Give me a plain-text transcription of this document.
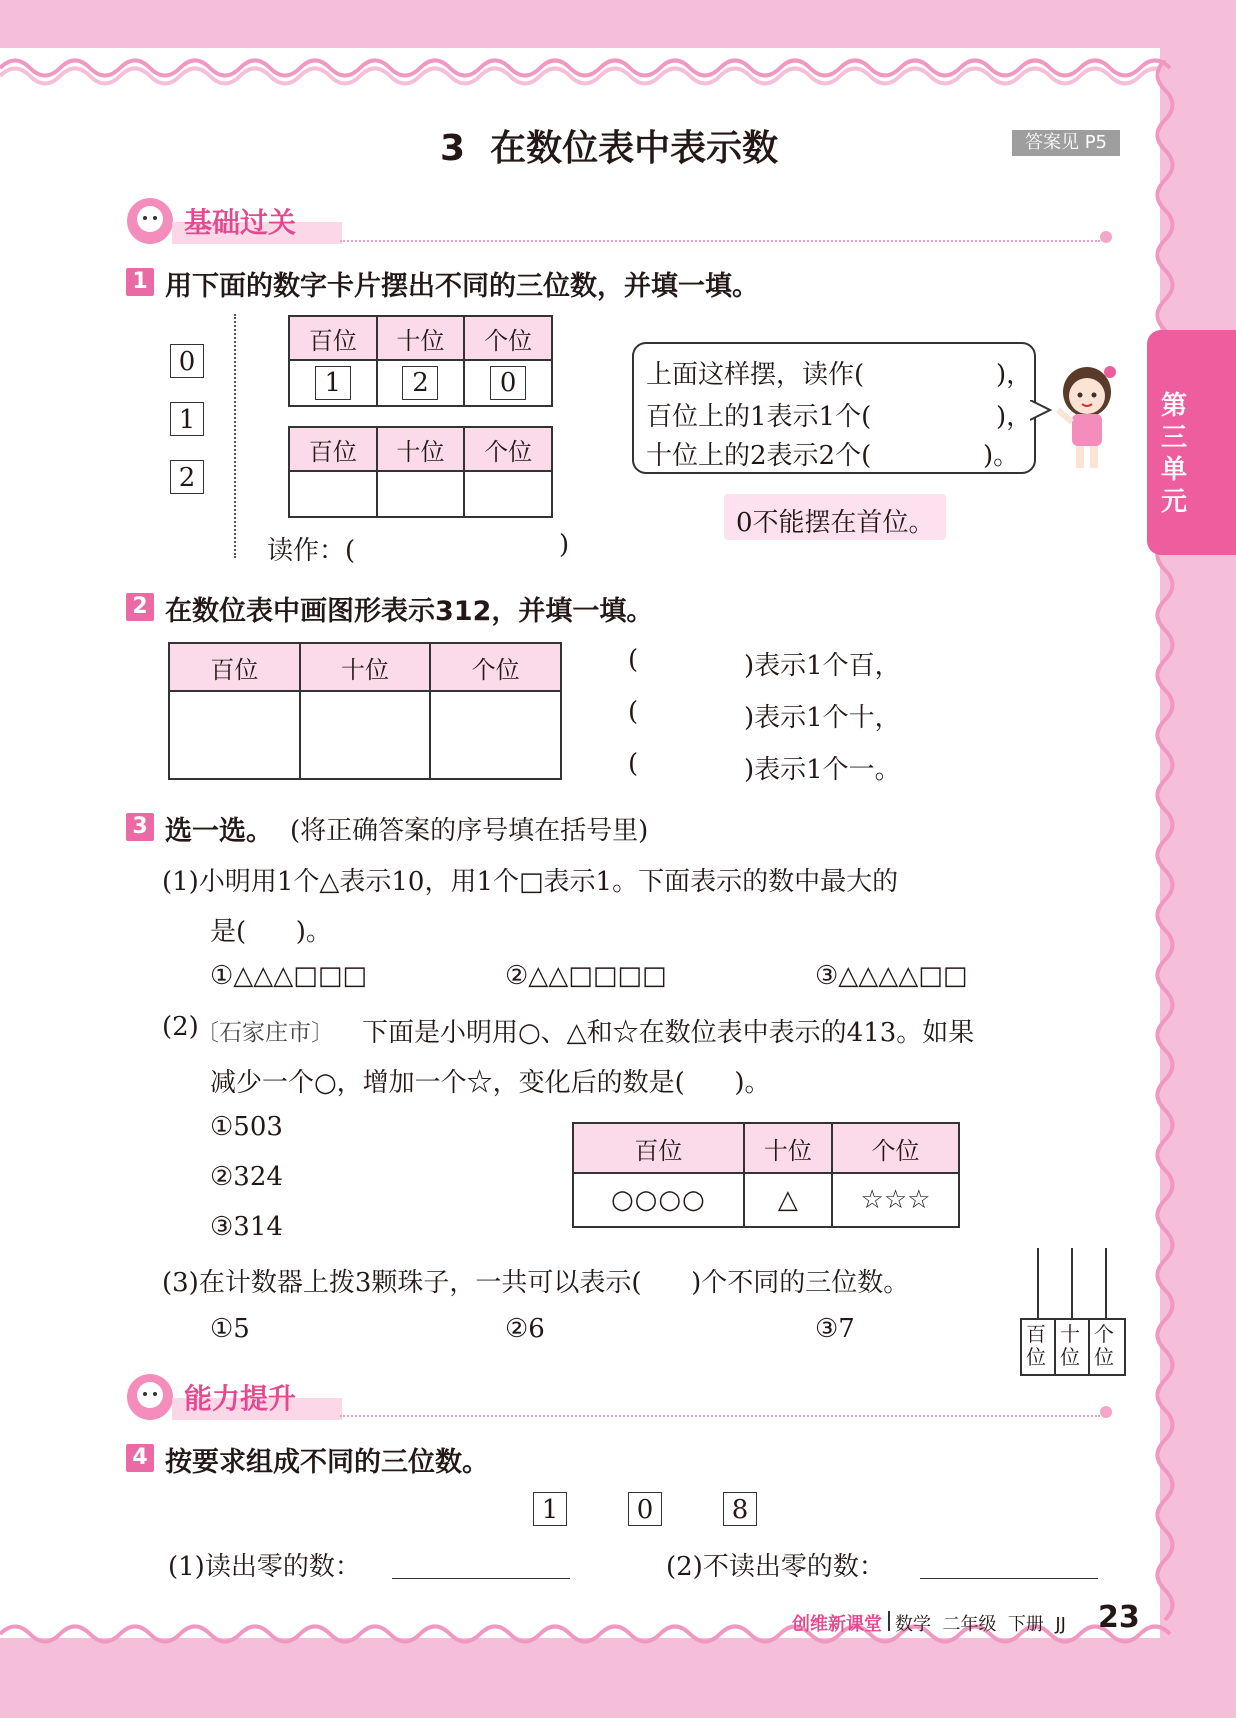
第三单元
3  在数位表中表示数	答案见 P5
基础过关
1 用下面的数字卡片摆出不同的三位数，并填一填。
0
1
2
百位	十位	个位
1	2	0
百位	十位	个位

读作：(	)
上面这样摆，读作(	)，
百位上的1表示1个(	)，
十位上的2表示2个(	)。
0不能摆在首位。
2 在数位表中画图形表示312，并填一填。
百位	十位	个位
			(	)表示1个百，
(	)表示1个十，
(	)表示1个一。
3 选一选。 (将正确答案的序号填在括号里)
(1)小明用1个△表示10，用1个□表示1。下面表示的数中最大的
是(      )。
①△△△□□□	②△△□□□□	③△△△△□□
(2)
〔石家庄市〕 下面是小明用○、△和☆在数位表中表示的413。如果
减少一个○，增加一个☆，变化后的数是(      )。
①503
②324
③314
百位	十位	个位
○○○○	△	☆☆☆
(3)在计数器上拨3颗珠子，一共可以表示(      )个不同的三位数。
①5	②6	③7	百位
十位
个位
能力提升
4 按要求组成不同的三位数。
1	0	8
(1)读出零的数：	(2)不读出零的数：
创维新课堂 数学  二年级  下册  JJ 23
